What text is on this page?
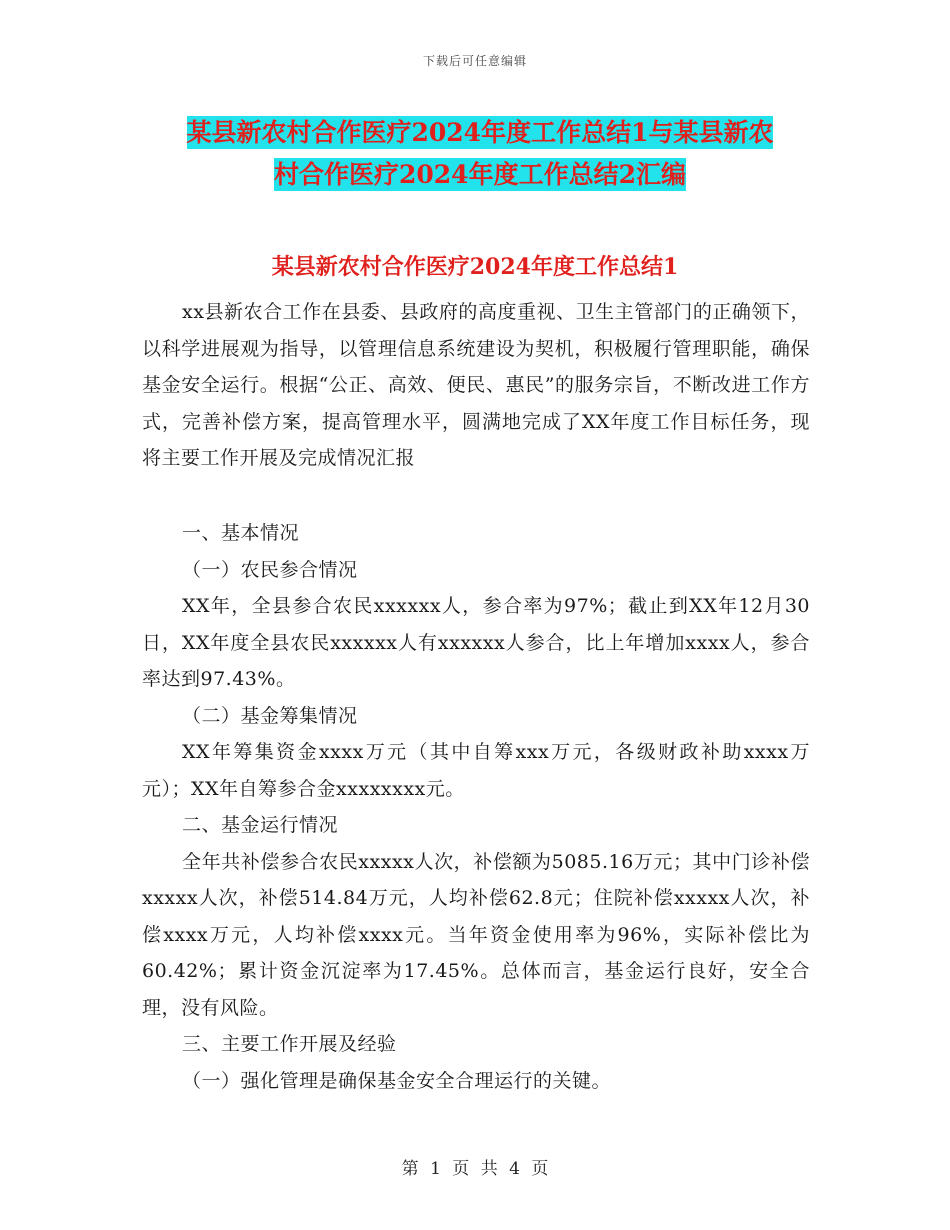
下载后可任意编辑
某县新农村合作医疗2024年度工作总结1与某县新农
村合作医疗2024年度工作总结2汇编
某县新农村合作医疗2024年度工作总结1

xx县新农合工作在县委、县政府的高度重视、卫生主管部门的正确领下，以科学进展观为指导，以管理信息系统建设为契机，积极履行管理职能，确保基金安全运行。根据“公正、高效、便民、惠民”的服务宗旨，不断改进工作方式，完善补偿方案，提高管理水平，圆满地完成了XX年度工作目标任务，现将主要工作开展及完成情况汇报

一、基本情况

（一）农民参合情况

XX年，全县参合农民xxxxxx人，参合率为97%；截止到XX年12月30日，XX年度全县农民xxxxxx人有xxxxxx人参合，比上年增加xxxx人，参合率达到97.43%。

（二）基金筹集情况

XX年筹集资金xxxx万元（其中自筹xxx万元，各级财政补助xxxx万元）；XX年自筹参合金xxxxxxxx元。

二、基金运行情况

全年共补偿参合农民xxxxx人次，补偿额为5085.16万元；其中门诊补偿xxxxx人次，补偿514.84万元，人均补偿62.8元；住院补偿xxxxx人次，补偿xxxx万元，人均补偿xxxx元。当年资金使用率为96%，实际补偿比为60.42%；累计资金沉淀率为17.45%。总体而言，基金运行良好，安全合理，没有风险。

三、主要工作开展及经验

（一）强化管理是确保基金安全合理运行的关键。

第 1 页 共 4 页
